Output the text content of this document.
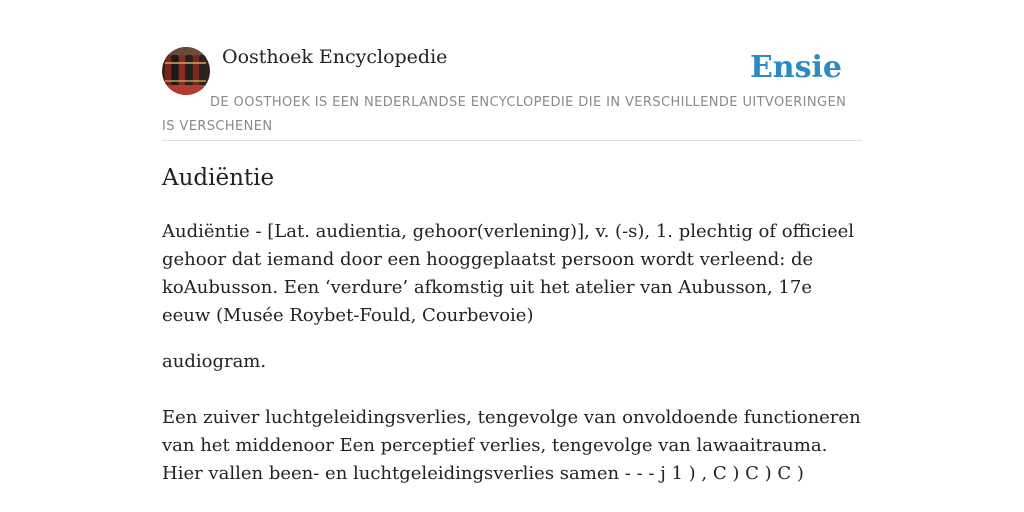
Oosthoek Encyclopedie	Ensie
DE OOSTHOEK IS EEN NEDERLANDSE ENCYCLOPEDIE DIE IN VERSCHILLENDE UITVOERINGEN IS VERSCHENEN
Audiëntie

Audiëntie - [Lat. audientia, gehoor(verlening)], v. (-s), 1. plechtig of officieel gehoor dat iemand door een hooggeplaatst persoon wordt verleend: de koAubusson. Een ‘verdure’ afkomstig uit het atelier van Aubusson, 17e eeuw (Musée Roybet-Fould, Courbevoie)

audiogram.

Een zuiver luchtgeleidingsverlies, tengevolge van onvoldoende functioneren van het middenoor Een perceptief verlies, tengevolge van lawaaitrauma. Hier vallen been- en luchtgeleidingsverlies samen - - - j 1 ) , C ) C ) C )
